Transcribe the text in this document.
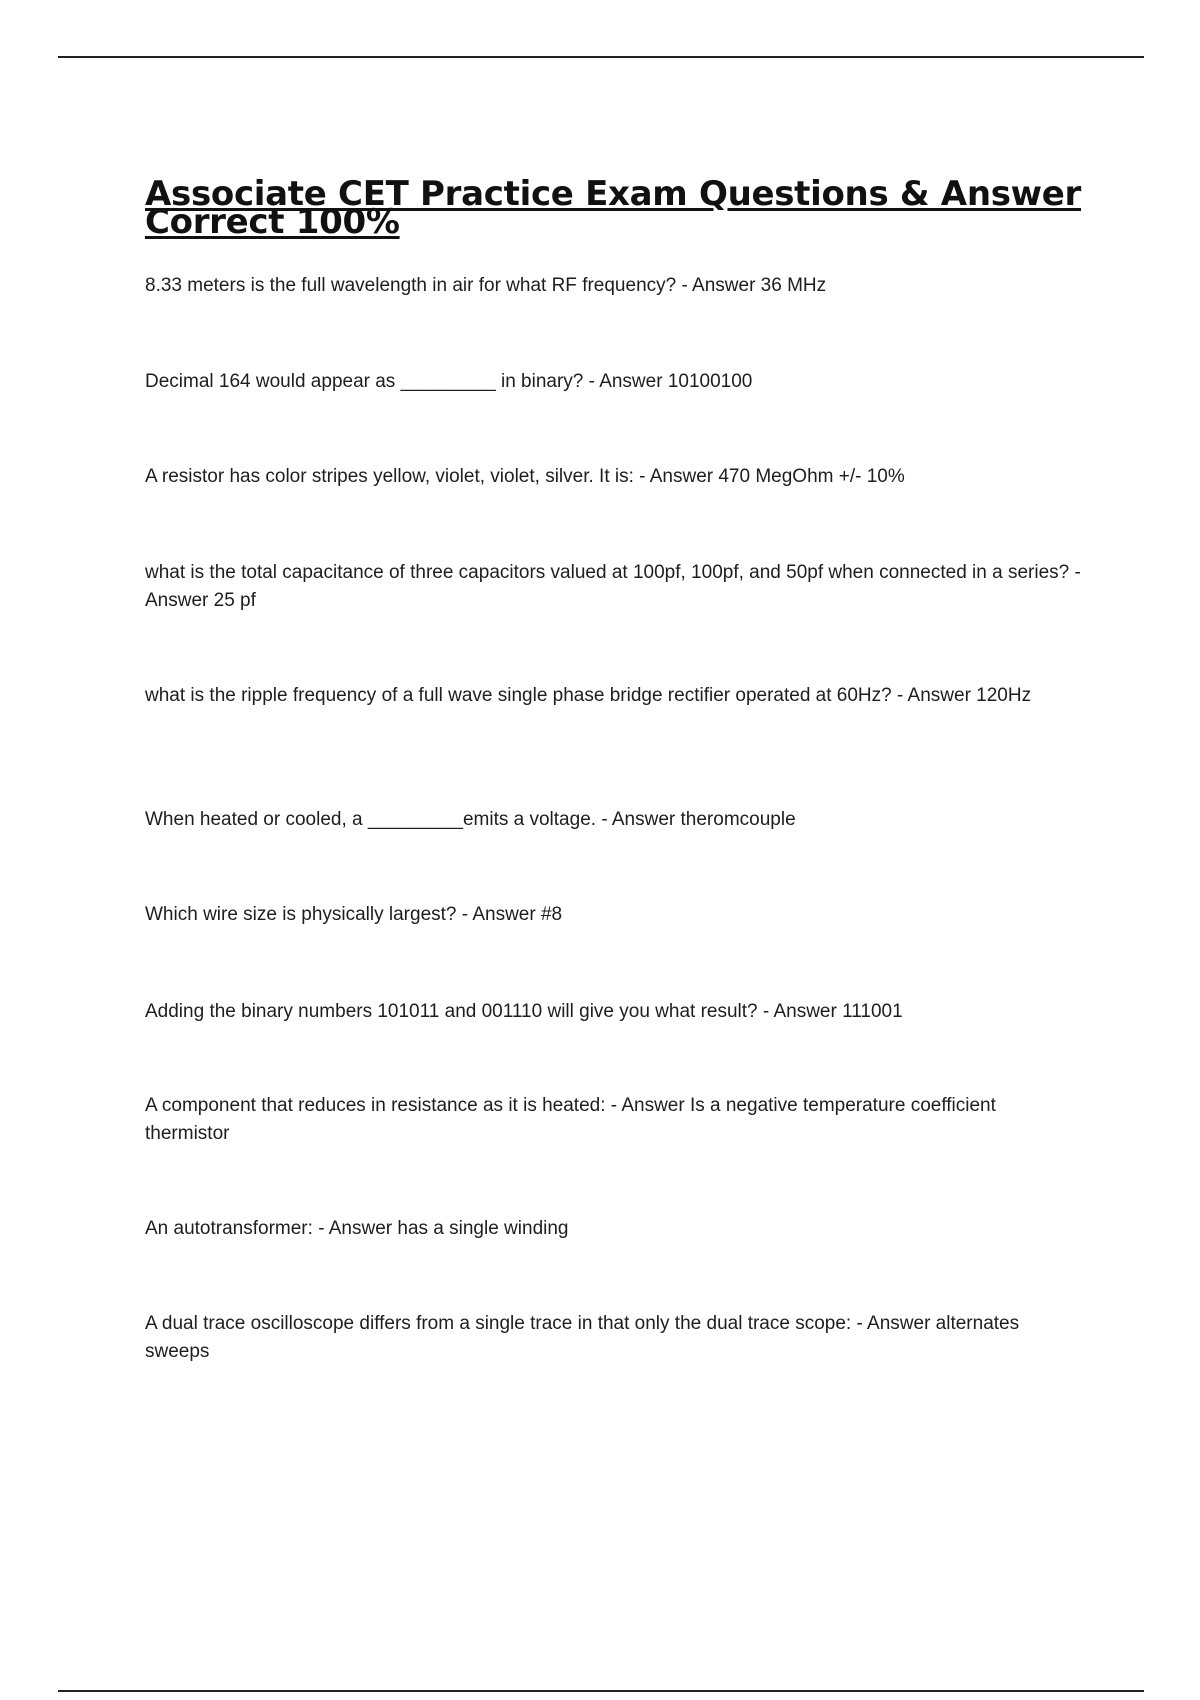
Associate CET Practice Exam Questions & Answer Correct 100%
8.33 meters is the full wavelength in air for what RF frequency? - Answer 36 MHz
Decimal 164 would appear as _________ in binary? - Answer 10100100
A resistor has color stripes yellow, violet, violet, silver. It is: - Answer 470 MegOhm +/- 10%
what is the total capacitance of three capacitors valued at 100pf, 100pf, and 50pf when connected in a series? - Answer 25 pf
what is the ripple frequency of a full wave single phase bridge rectifier operated at 60Hz? - Answer 120Hz
When heated or cooled, a _________emits a voltage. - Answer theromcouple
Which wire size is physically largest? - Answer #8
Adding the binary numbers 101011 and 001110 will give you what result? - Answer 111001
A component that reduces in resistance as it is heated: - Answer Is a negative temperature coefficient thermistor
An autotransformer: - Answer has a single winding
A dual trace oscilloscope differs from a single trace in that only the dual trace scope: - Answer alternates sweeps
